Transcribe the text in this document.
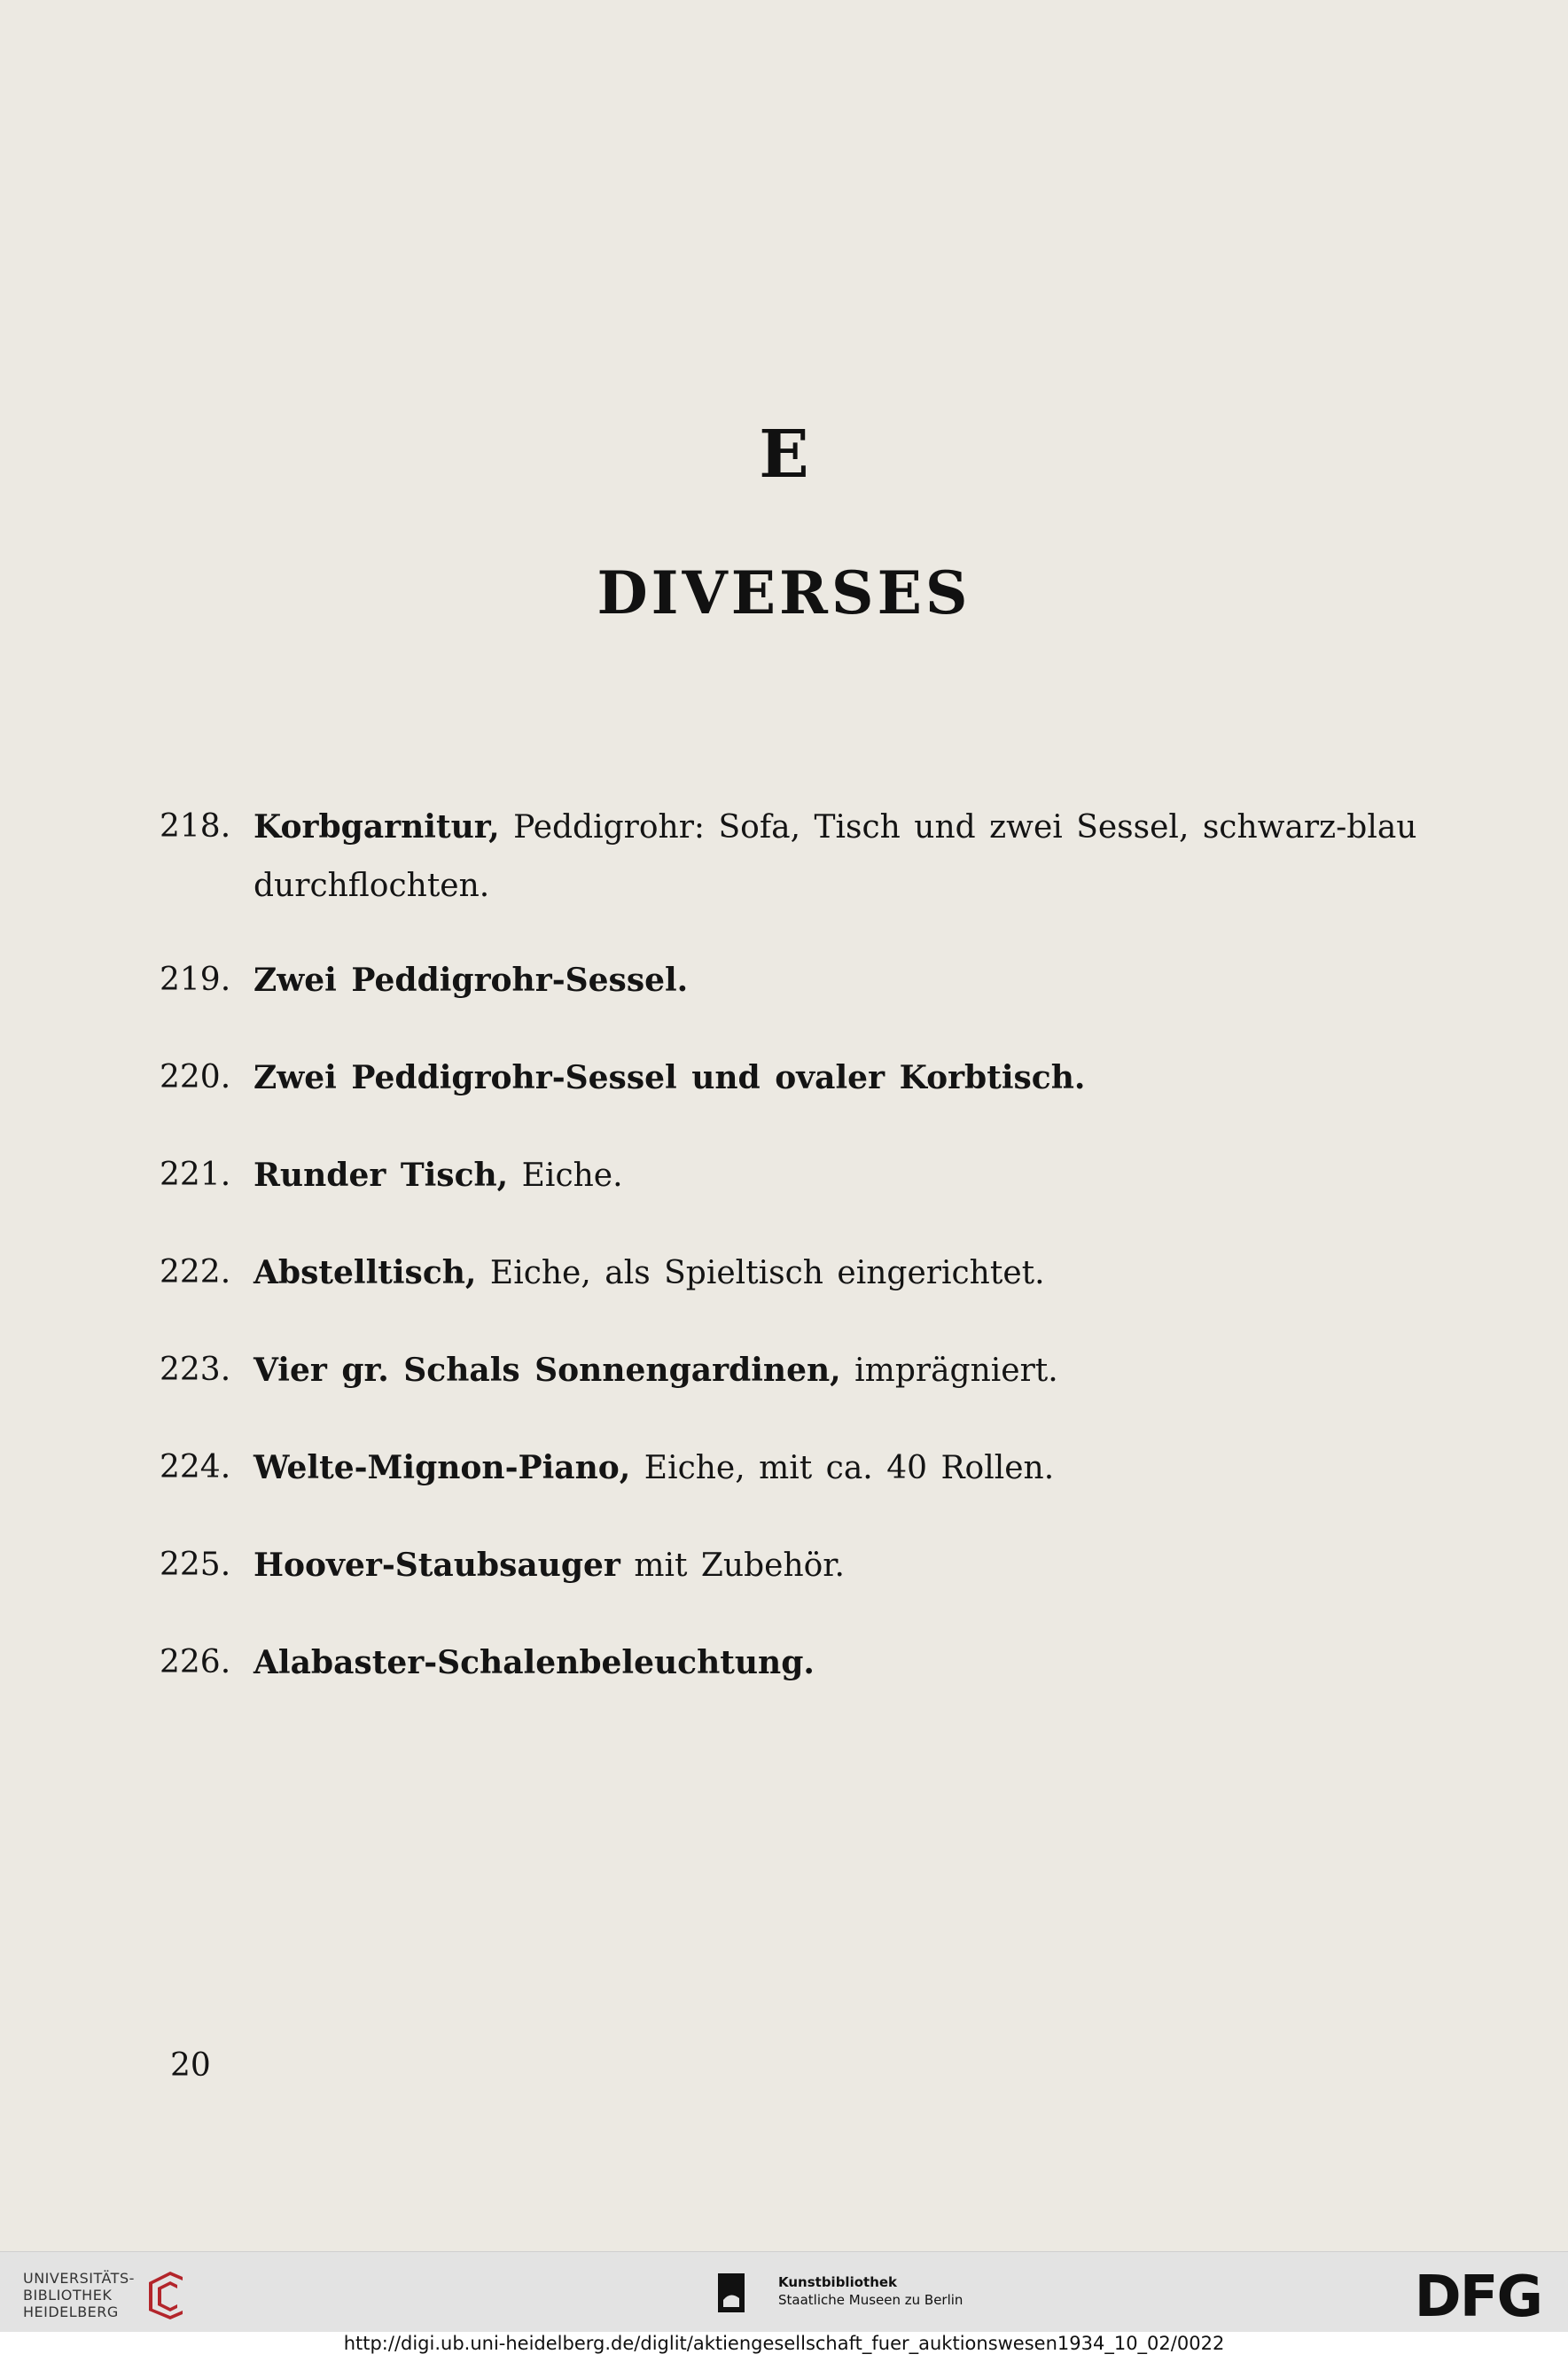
E
DIVERSES
218. Korbgarnitur, Peddigrohr: Sofa, Tisch und zwei Sessel, schwarz-blau durchflochten.
219. Zwei Peddigrohr-Sessel.
220. Zwei Peddigrohr-Sessel und ovaler Korbtisch.
221. Runder Tisch, Eiche.
222. Abstelltisch, Eiche, als Spieltisch eingerichtet.
223. Vier gr. Schals Sonnengardinen, imprägniert.
224. Welte-Mignon-Piano, Eiche, mit ca. 40 Rollen.
225. Hoover-Staubsauger mit Zubehör.
226. Alabaster-Schalenbeleuchtung.
20
UNIVERSITÄTS-
BIBLIOTHEK
HEIDELBERG
Kunstbibliothek
Staatliche Museen zu Berlin	DFG
http://digi.ub.uni-heidelberg.de/diglit/aktiengesellschaft_fuer_auktionswesen1934_10_02/0022
